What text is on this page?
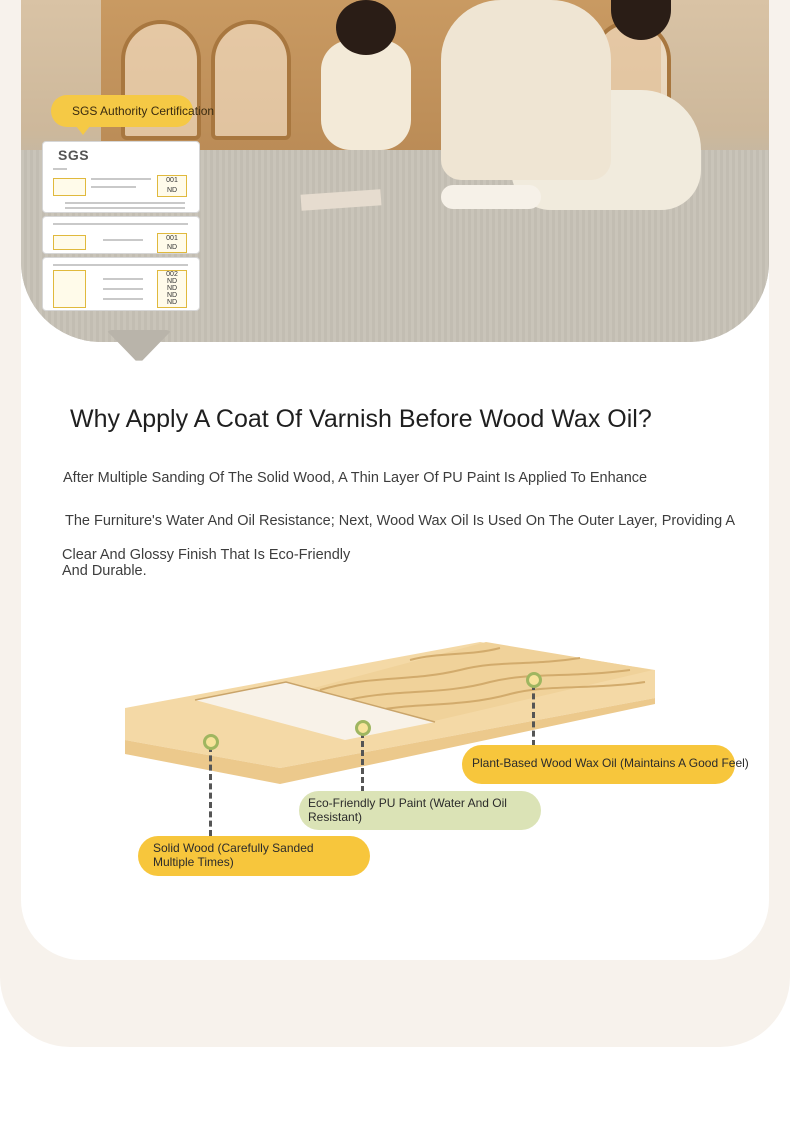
SGS Authority Certification
SGS
001
ND
001
ND
002
ND
ND
ND
ND
Why Apply A Coat Of Varnish Before Wood Wax Oil?
After Multiple Sanding Of The Solid Wood, A Thin Layer Of PU Paint Is Applied To Enhance
The Furniture's Water And Oil Resistance; Next, Wood Wax Oil Is Used On The Outer Layer, Providing A
Clear And Glossy Finish That Is Eco-Friendly
And Durable.
Plant-Based Wood Wax Oil (Maintains A Good Feel)
Eco-Friendly PU Paint (Water And Oil Resistant)
Solid Wood (Carefully Sanded Multiple Times)
